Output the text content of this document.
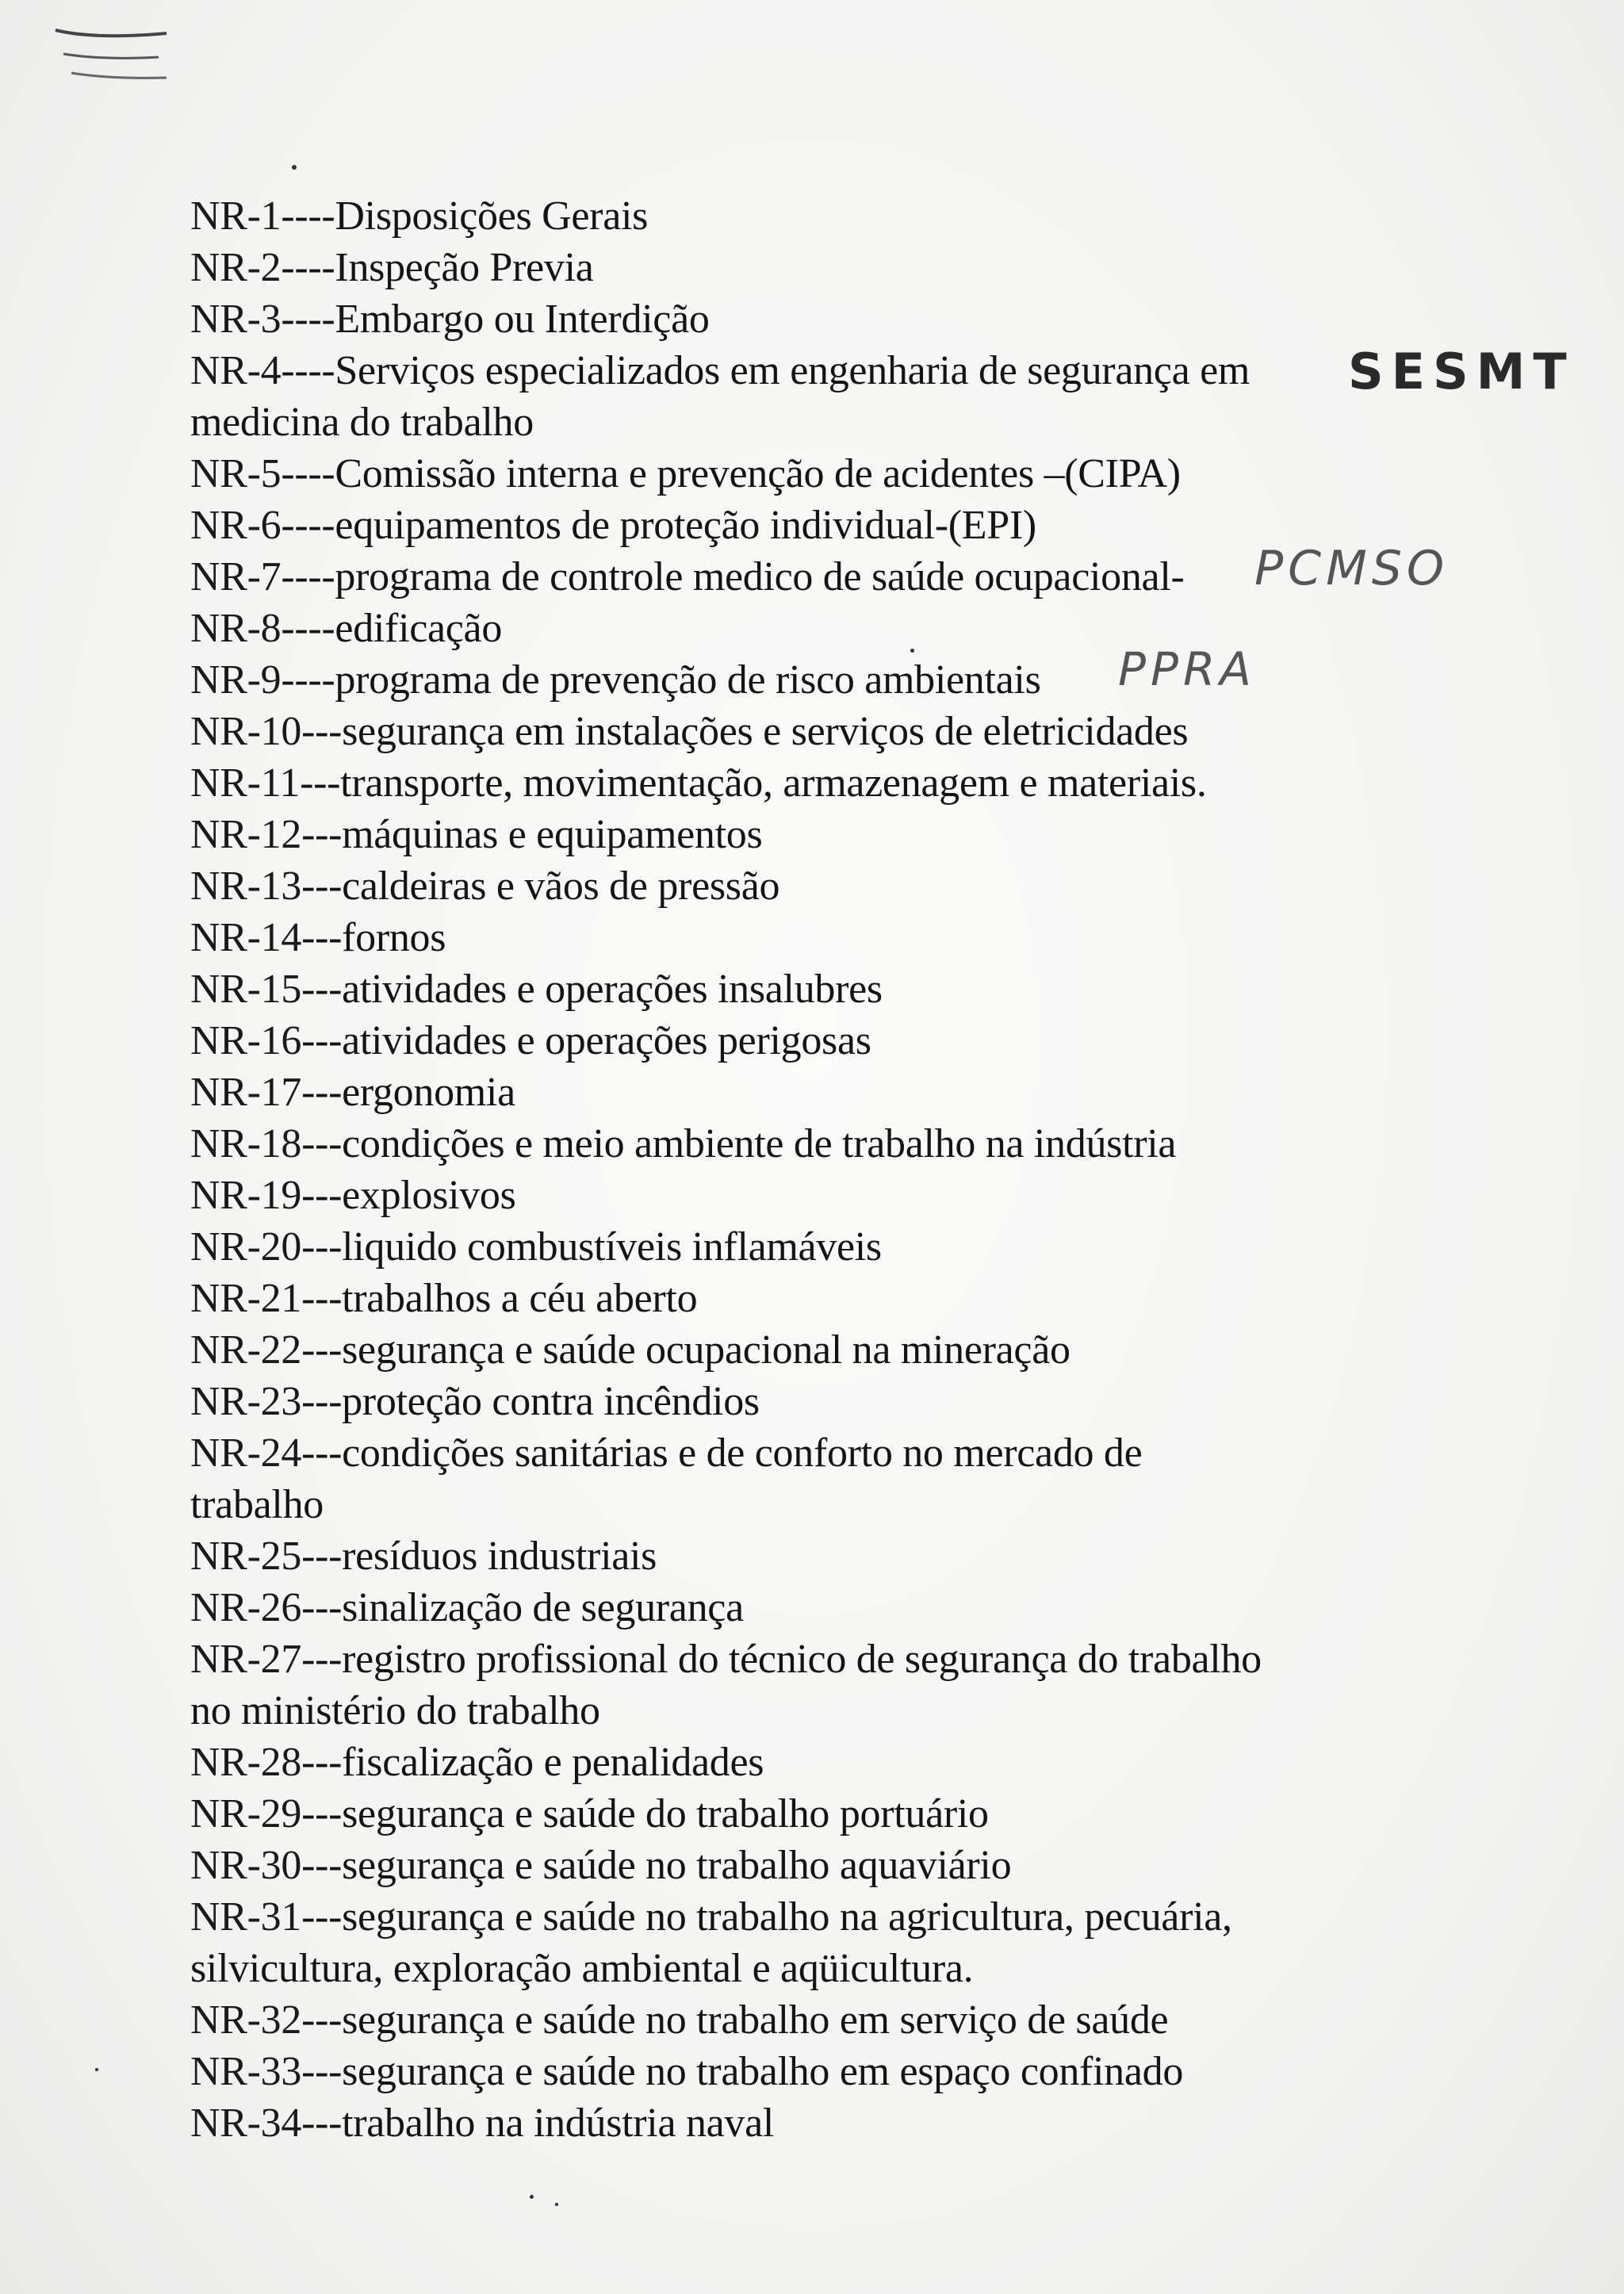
NR-1----Disposições Gerais
NR-2----Inspeção Previa
NR-3----Embargo ou Interdição
NR-4----Serviços especializados em engenharia de segurança em
medicina do trabalho
NR-5----Comissão interna e prevenção de acidentes –(CIPA)
NR-6----equipamentos de proteção individual-(EPI)
NR-7----programa de controle medico de saúde ocupacional-
NR-8----edificação
NR-9----programa de prevenção de risco ambientais
NR-10---segurança em instalações e serviços de eletricidades
NR-11---transporte, movimentação, armazenagem e materiais.
NR-12---máquinas e equipamentos
NR-13---caldeiras e vãos de pressão
NR-14---fornos
NR-15---atividades e operações insalubres
NR-16---atividades e operações perigosas
NR-17---ergonomia
NR-18---condições e meio ambiente de trabalho na indústria
NR-19---explosivos
NR-20---liquido combustíveis inflamáveis
NR-21---trabalhos a céu aberto
NR-22---segurança e saúde ocupacional na mineração
NR-23---proteção contra incêndios
NR-24---condições sanitárias e de conforto no mercado de
trabalho
NR-25---resíduos industriais
NR-26---sinalização de segurança
NR-27---registro profissional do técnico de segurança do trabalho
no ministério do trabalho
NR-28---fiscalização e penalidades
NR-29---segurança e saúde do trabalho portuário
NR-30---segurança e saúde no trabalho aquaviário
NR-31---segurança e saúde no trabalho na agricultura, pecuária,
silvicultura, exploração ambiental e aqüicultura.
NR-32---segurança e saúde no trabalho em serviço de saúde
NR-33---segurança e saúde no trabalho em espaço confinado
NR-34---trabalho na indústria naval
SESMT
PCMSO
PPRA
